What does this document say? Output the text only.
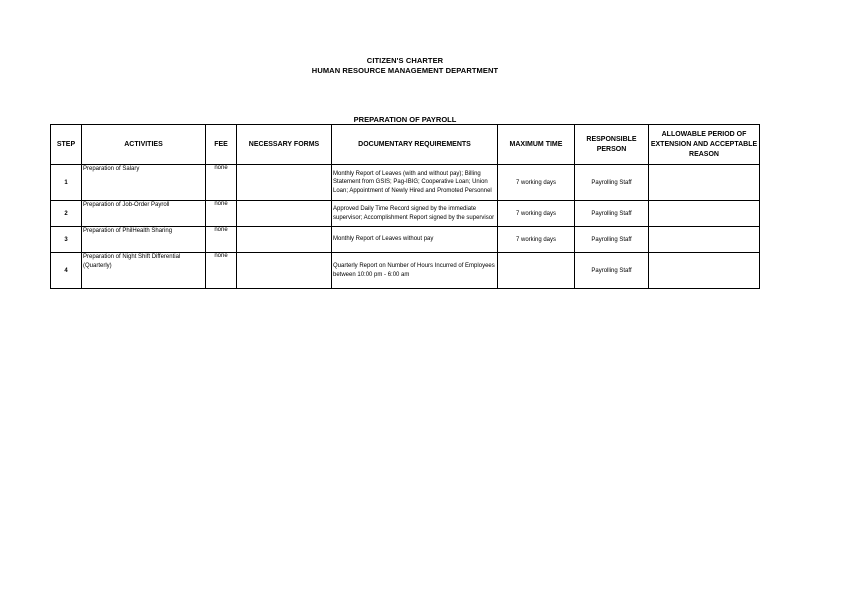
CITIZEN'S CHARTER
HUMAN RESOURCE MANAGEMENT DEPARTMENT
PREPARATION OF PAYROLL
STEP	ACTIVITIES	FEE	NECESSARY FORMS	DOCUMENTARY REQUIREMENTS	MAXIMUM TIME	RESPONSIBLE PERSON	ALLOWABLE PERIOD OF EXTENSION AND ACCEPTABLE REASON
1	Preparation of Salary	none		Monthly Report of Leaves (with and without pay); Billing Statement from GSIS; Pag-IBIG; Cooperative Loan; Union Loan; Appointment of Newly Hired and Promoted Personnel	7 working days	Payrolling Staff	
2	Preparation of Job-Order Payroll	none		Approved Daily Time Record signed by the immediate supervisor; Accomplishment Report signed by the supervisor	7 working days	Payrolling Staff	
3	Preparation of PhilHealth Sharing	none		Monthly Report of Leaves without pay	7 working days	Payrolling Staff	
4	Preparation of Night Shift Differential (Quarterly)	none		Quarterly Report on Number of Hours Incurred of Employees between 10:00 pm - 6:00 am		Payrolling Staff	
